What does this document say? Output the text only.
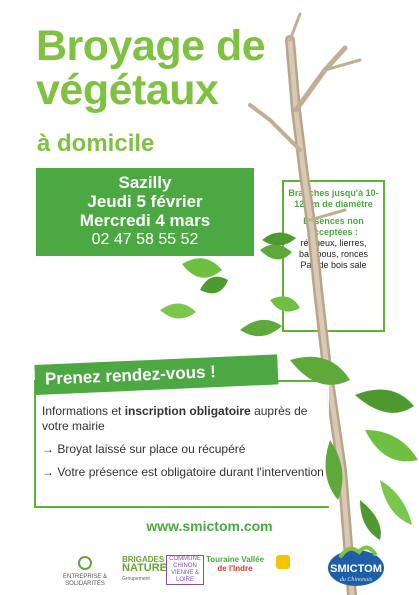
Broyage de
végétaux
à domicile
Sazilly
Jeudi 5 février
Mercredi 4 mars
02 47 58 55 52
Branches jusqu'à 10-12 cm de diamètre
Essences non acceptées :
résineux, lierres, bambous, ronces
Pas de bois sale
Prenez rendez-vous !

Informations et inscription obligatoire auprès de votre mairie

→ Broyat laissé sur place ou récupéré

→ Votre présence est obligatoire durant l'intervention

www.smictom.com

ENTREPRISE & SOLIDARITÉS
BRIGADES
NATURE
Groupement
COMMUNE CHINON VIENNE & LOIRE
Touraine Vallée
de l'Indre	SMICTOM
du Chinonais
